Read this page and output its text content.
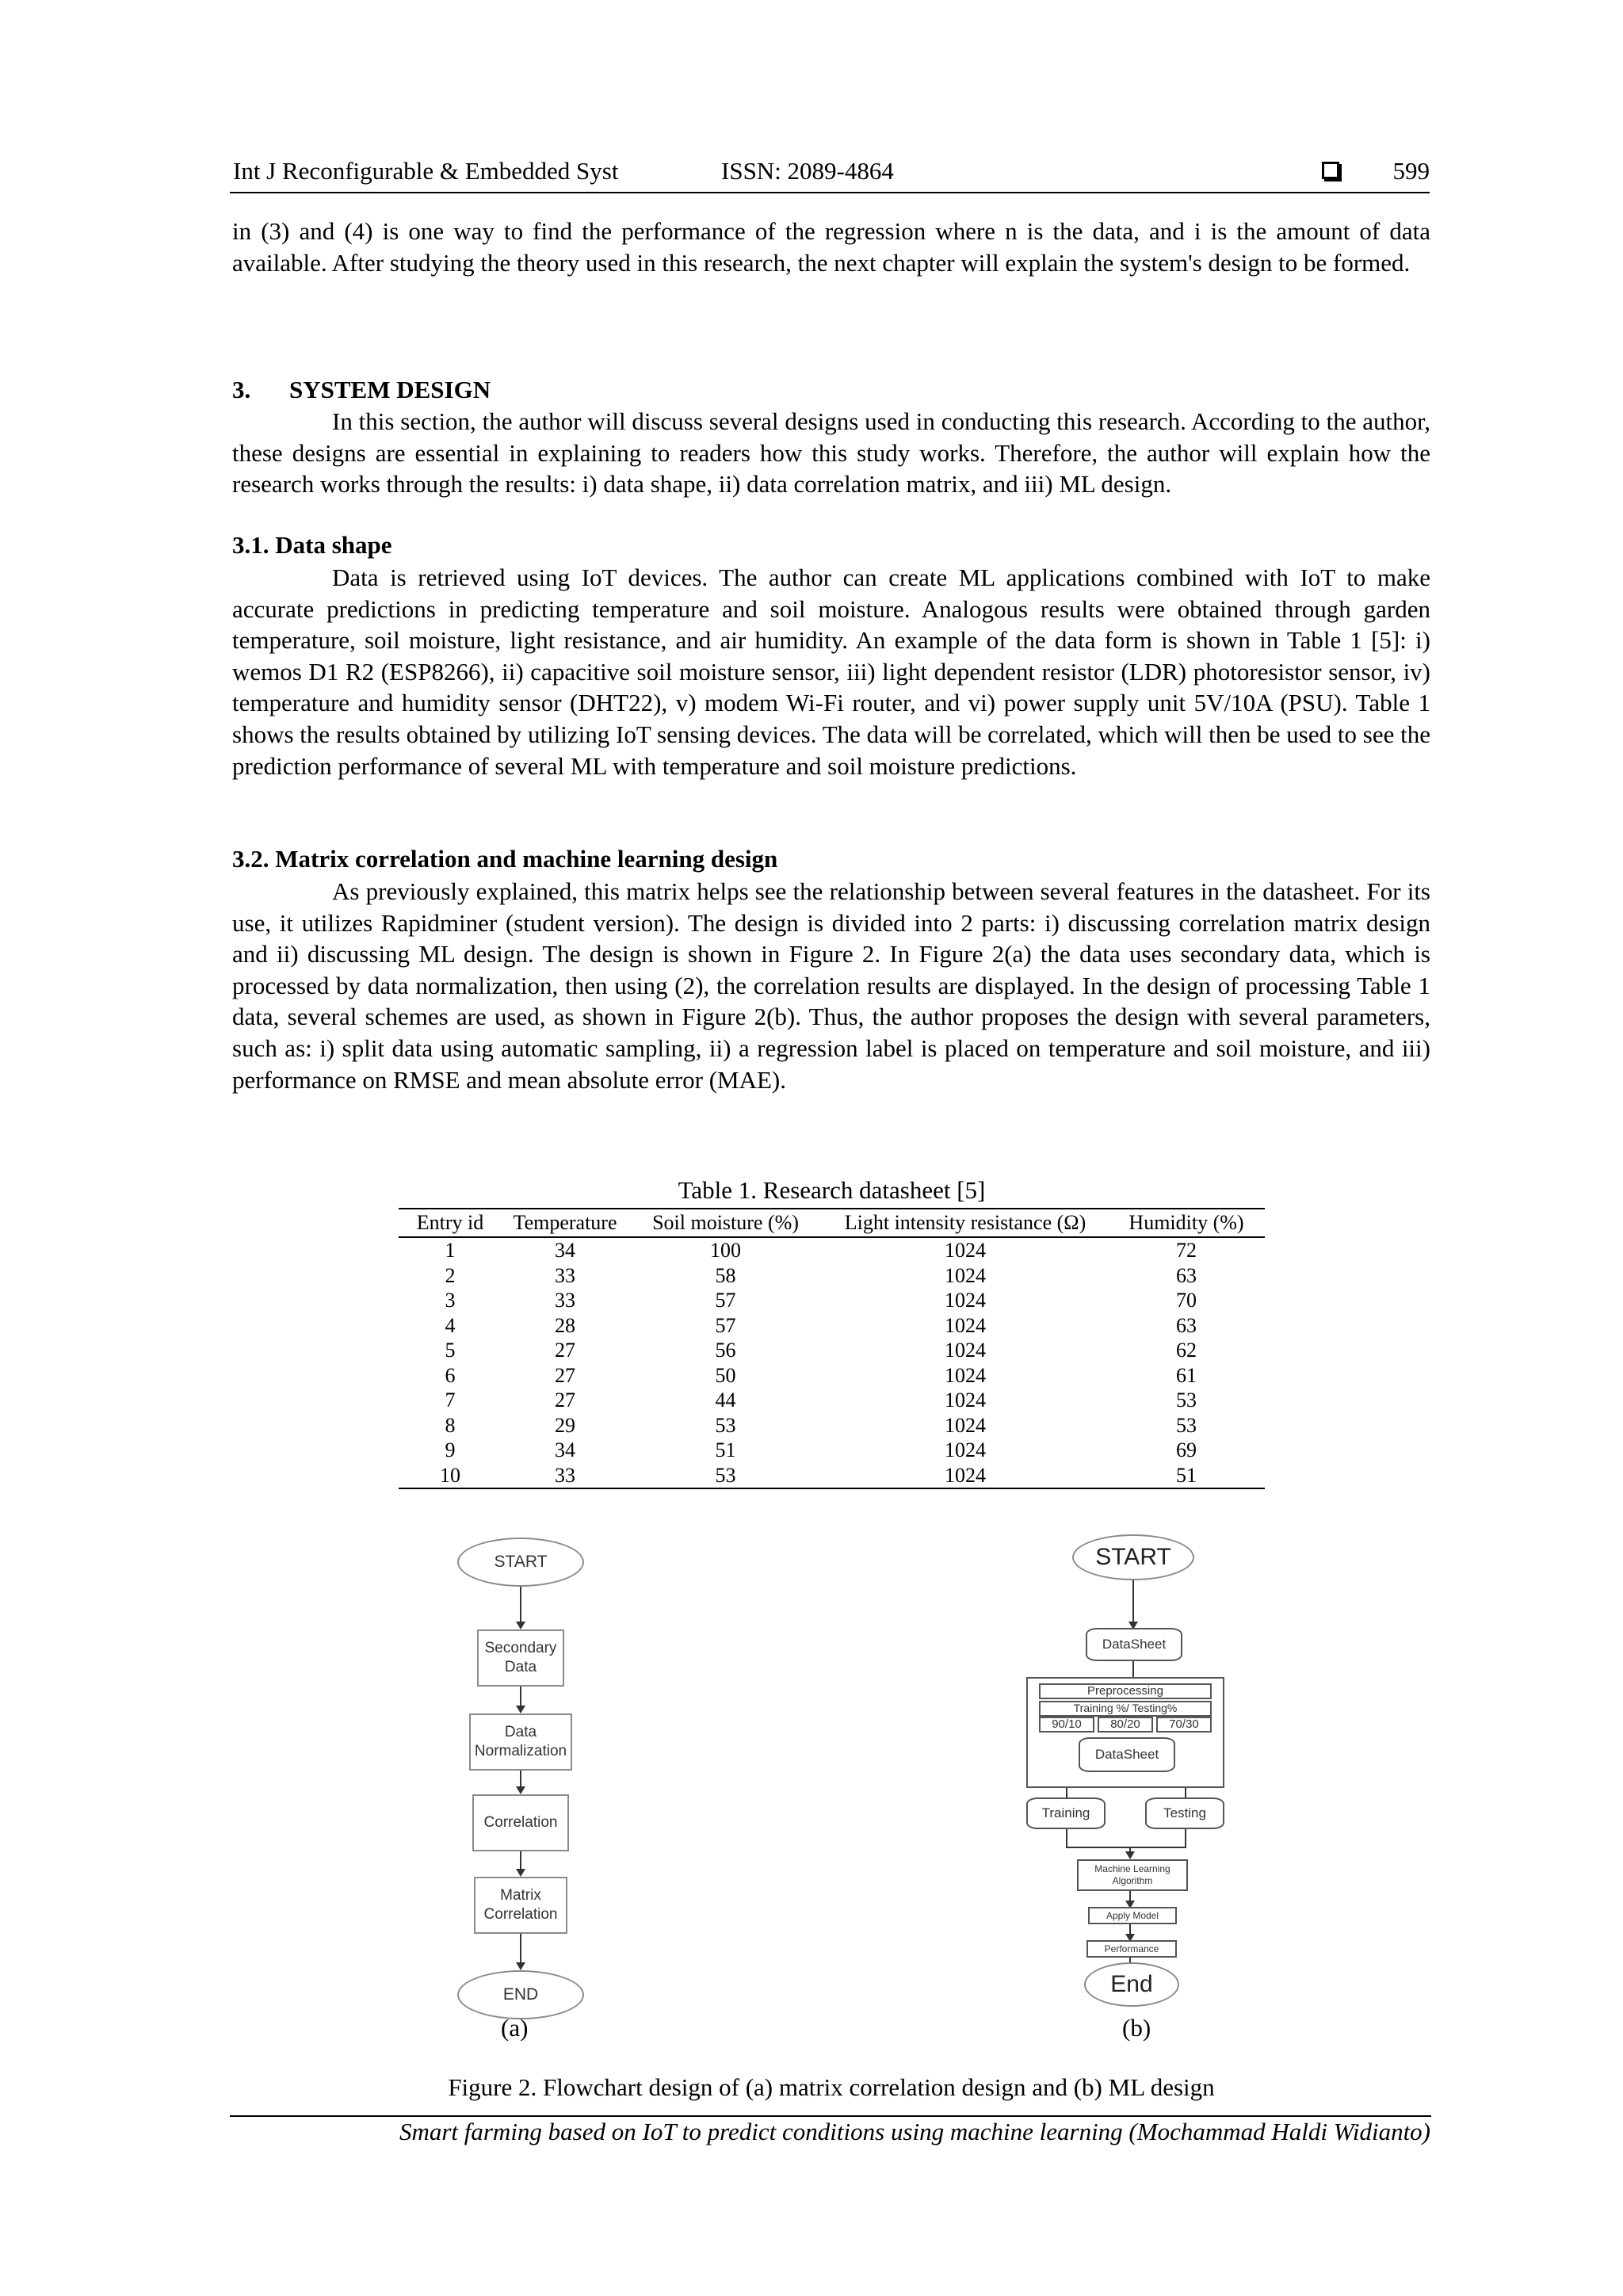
Int J Reconfigurable & Embedded Syst	ISSN: 2089-4864	599

in (3) and (4) is one way to find the performance of the regression where n is the data, and i is the amount of data available. After studying the theory used in this research, the next chapter will explain the system's design to be formed.

3. SYSTEM DESIGN

In this section, the author will discuss several designs used in conducting this research. According to the author, these designs are essential in explaining to readers how this study works. Therefore, the author will explain how the research works through the results: i) data shape, ii) data correlation matrix, and iii) ML design.

3.1. Data shape

Data is retrieved using IoT devices. The author can create ML applications combined with IoT to make accurate predictions in predicting temperature and soil moisture. Analogous results were obtained through garden temperature, soil moisture, light resistance, and air humidity. An example of the data form is shown in Table 1 [5]: i) wemos D1 R2 (ESP8266), ii) capacitive soil moisture sensor, iii) light dependent resistor (LDR) photoresistor sensor, iv) temperature and humidity sensor (DHT22), v) modem Wi-Fi router, and vi) power supply unit 5V/10A (PSU). Table 1 shows the results obtained by utilizing IoT sensing devices. The data will be correlated, which will then be used to see the prediction performance of several ML with temperature and soil moisture predictions.

3.2. Matrix correlation and machine learning design

As previously explained, this matrix helps see the relationship between several features in the datasheet. For its use, it utilizes Rapidminer (student version). The design is divided into 2 parts: i) discussing correlation matrix design and ii) discussing ML design. The design is shown in Figure 2. In Figure 2(a) the data uses secondary data, which is processed by data normalization, then using (2), the correlation results are displayed. In the design of processing Table 1 data, several schemes are used, as shown in Figure 2(b). Thus, the author proposes the design with several parameters, such as: i) split data using automatic sampling, ii) a regression label is placed on temperature and soil moisture, and iii) performance on RMSE and mean absolute error (MAE).

Table 1. Research datasheet [5]
Entry id	Temperature	Soil moisture (%)	Light intensity resistance (Ω)	Humidity (%)
1	34	100	1024	72
2	33	58	1024	63
3	33	57	1024	70
4	28	57	1024	63
5	27	56	1024	62
6	27	50	1024	61
7	27	44	1024	53
8	29	53	1024	53
9	34	51	1024	69
10	33	53	1024	51
START
Secondary Data
Data Normalization
Correlation
Matrix Correlation
END
(a)
START
DataSheet
Preprocessing
Training %/ Testing%
90/10	80/20	70/30
DataSheet
Training	Testing
Machine Learning Algorithm
Apply Model
Performance
End
(b)
Figure 2. Flowchart design of (a) matrix correlation design and (b) ML design
Smart farming based on IoT to predict conditions using machine learning (Mochammad Haldi Widianto)
